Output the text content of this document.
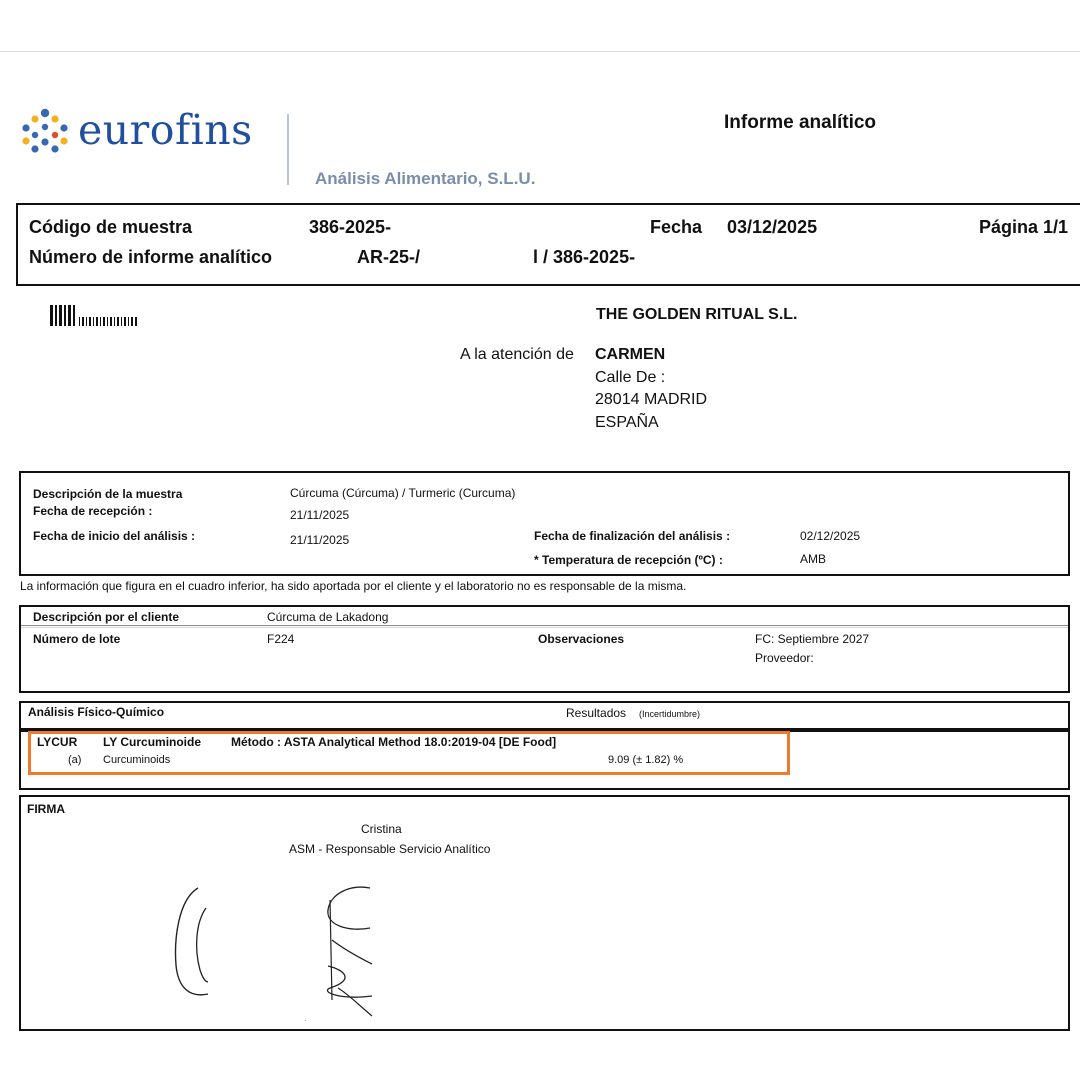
eurofins
Análisis Alimentario, S.L.U.
Informe analítico
Código de muestra	386-2025-	Fecha 03/12/2025	Página 1/1
Número de informe analítico	AR-25-/	l / 386-2025-
THE GOLDEN RITUAL S.L.
A la atención de CARMEN
Calle De :
28014 MADRID
ESPAÑA
Descripción de la muestra	Cúrcuma (Cúrcuma) / Turmeric (Curcuma)
Fecha de recepción :	21/11/2025
Fecha de inicio del análisis :	21/11/2025	Fecha de finalización del análisis :	02/12/2025
* Temperatura de recepción (ºC) :	AMB
La información que figura en el cuadro inferior, ha sido aportada por el cliente y el laboratorio no es responsable de la misma.
Descripción por el cliente	Cúrcuma de Lakadong
Número de lote	F224	Observaciones	FC: Septiembre 2027
Proveedor:
Análisis Físico-Químico	Resultados (Incertidumbre)
LYCUR LY Curcuminoide Método : ASTA Analytical Method 18.0:2019-04 [DE Food]
(a) Curcuminoids	9.09 (± 1.82) %
FIRMA
Cristina
ASM - Responsable Servicio Analítico
